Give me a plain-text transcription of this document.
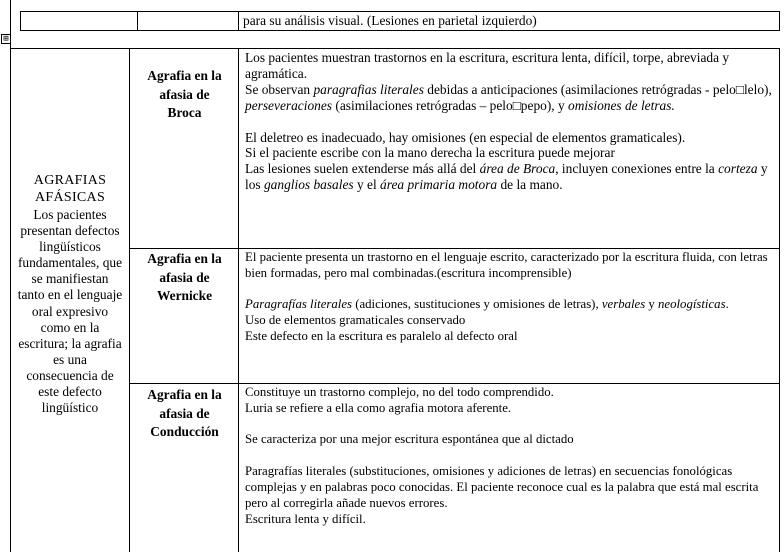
para su análisis visual. (Lesiones en parietal izquierdo)
⊞

AGRAFIAS AFÁSICAS

Los pacientes presentan defectos lingüísticos fundamentales, que se manifiestan tanto en el lenguaje oral expresivo como en la escritura; la agrafia es una consecuencia de este defecto lingüístico

Agrafia en la afasia de Broca
Agrafia en la afasia de Wernicke
Agrafia en la afasia de Conducción

Los pacientes muestran trastornos en la escritura, escritura lenta, difícil, torpe, abreviada y agramática.

Se observan paragrafias literales debidas a anticipaciones (asimilaciones retrógradas - pelo□lelo), perseveraciones (asimilaciones retrógradas – pelo□pepo), y omisiones de letras.

El deletreo es inadecuado, hay omisiones (en especial de elementos gramaticales).

Si el paciente escribe con la mano derecha la escritura puede mejorar

Las lesiones suelen extenderse más allá del área de Broca, incluyen conexiones entre la corteza y los ganglios basales y el área primaria motora de la mano.

El paciente presenta un trastorno en el lenguaje escrito, caracterizado por la escritura fluida, con letras bien formadas, pero mal combinadas.(escritura incomprensible)

Paragrafías literales (adiciones, sustituciones y omisiones de letras), verbales y neologísticas.

Uso de elementos gramaticales conservado

Este defecto en la escritura es paralelo al defecto oral

Constituye un trastorno complejo, no del todo comprendido.

Luria se refiere a ella como agrafia motora aferente.

Se caracteriza por una mejor escritura espontánea que al dictado

Paragrafías literales (substituciones, omisiones y adiciones de letras) en secuencias fonológicas complejas y en palabras poco conocidas. El paciente reconoce cual es la palabra que está mal escrita pero al corregirla añade nuevos errores.

Escritura lenta y difícil.
